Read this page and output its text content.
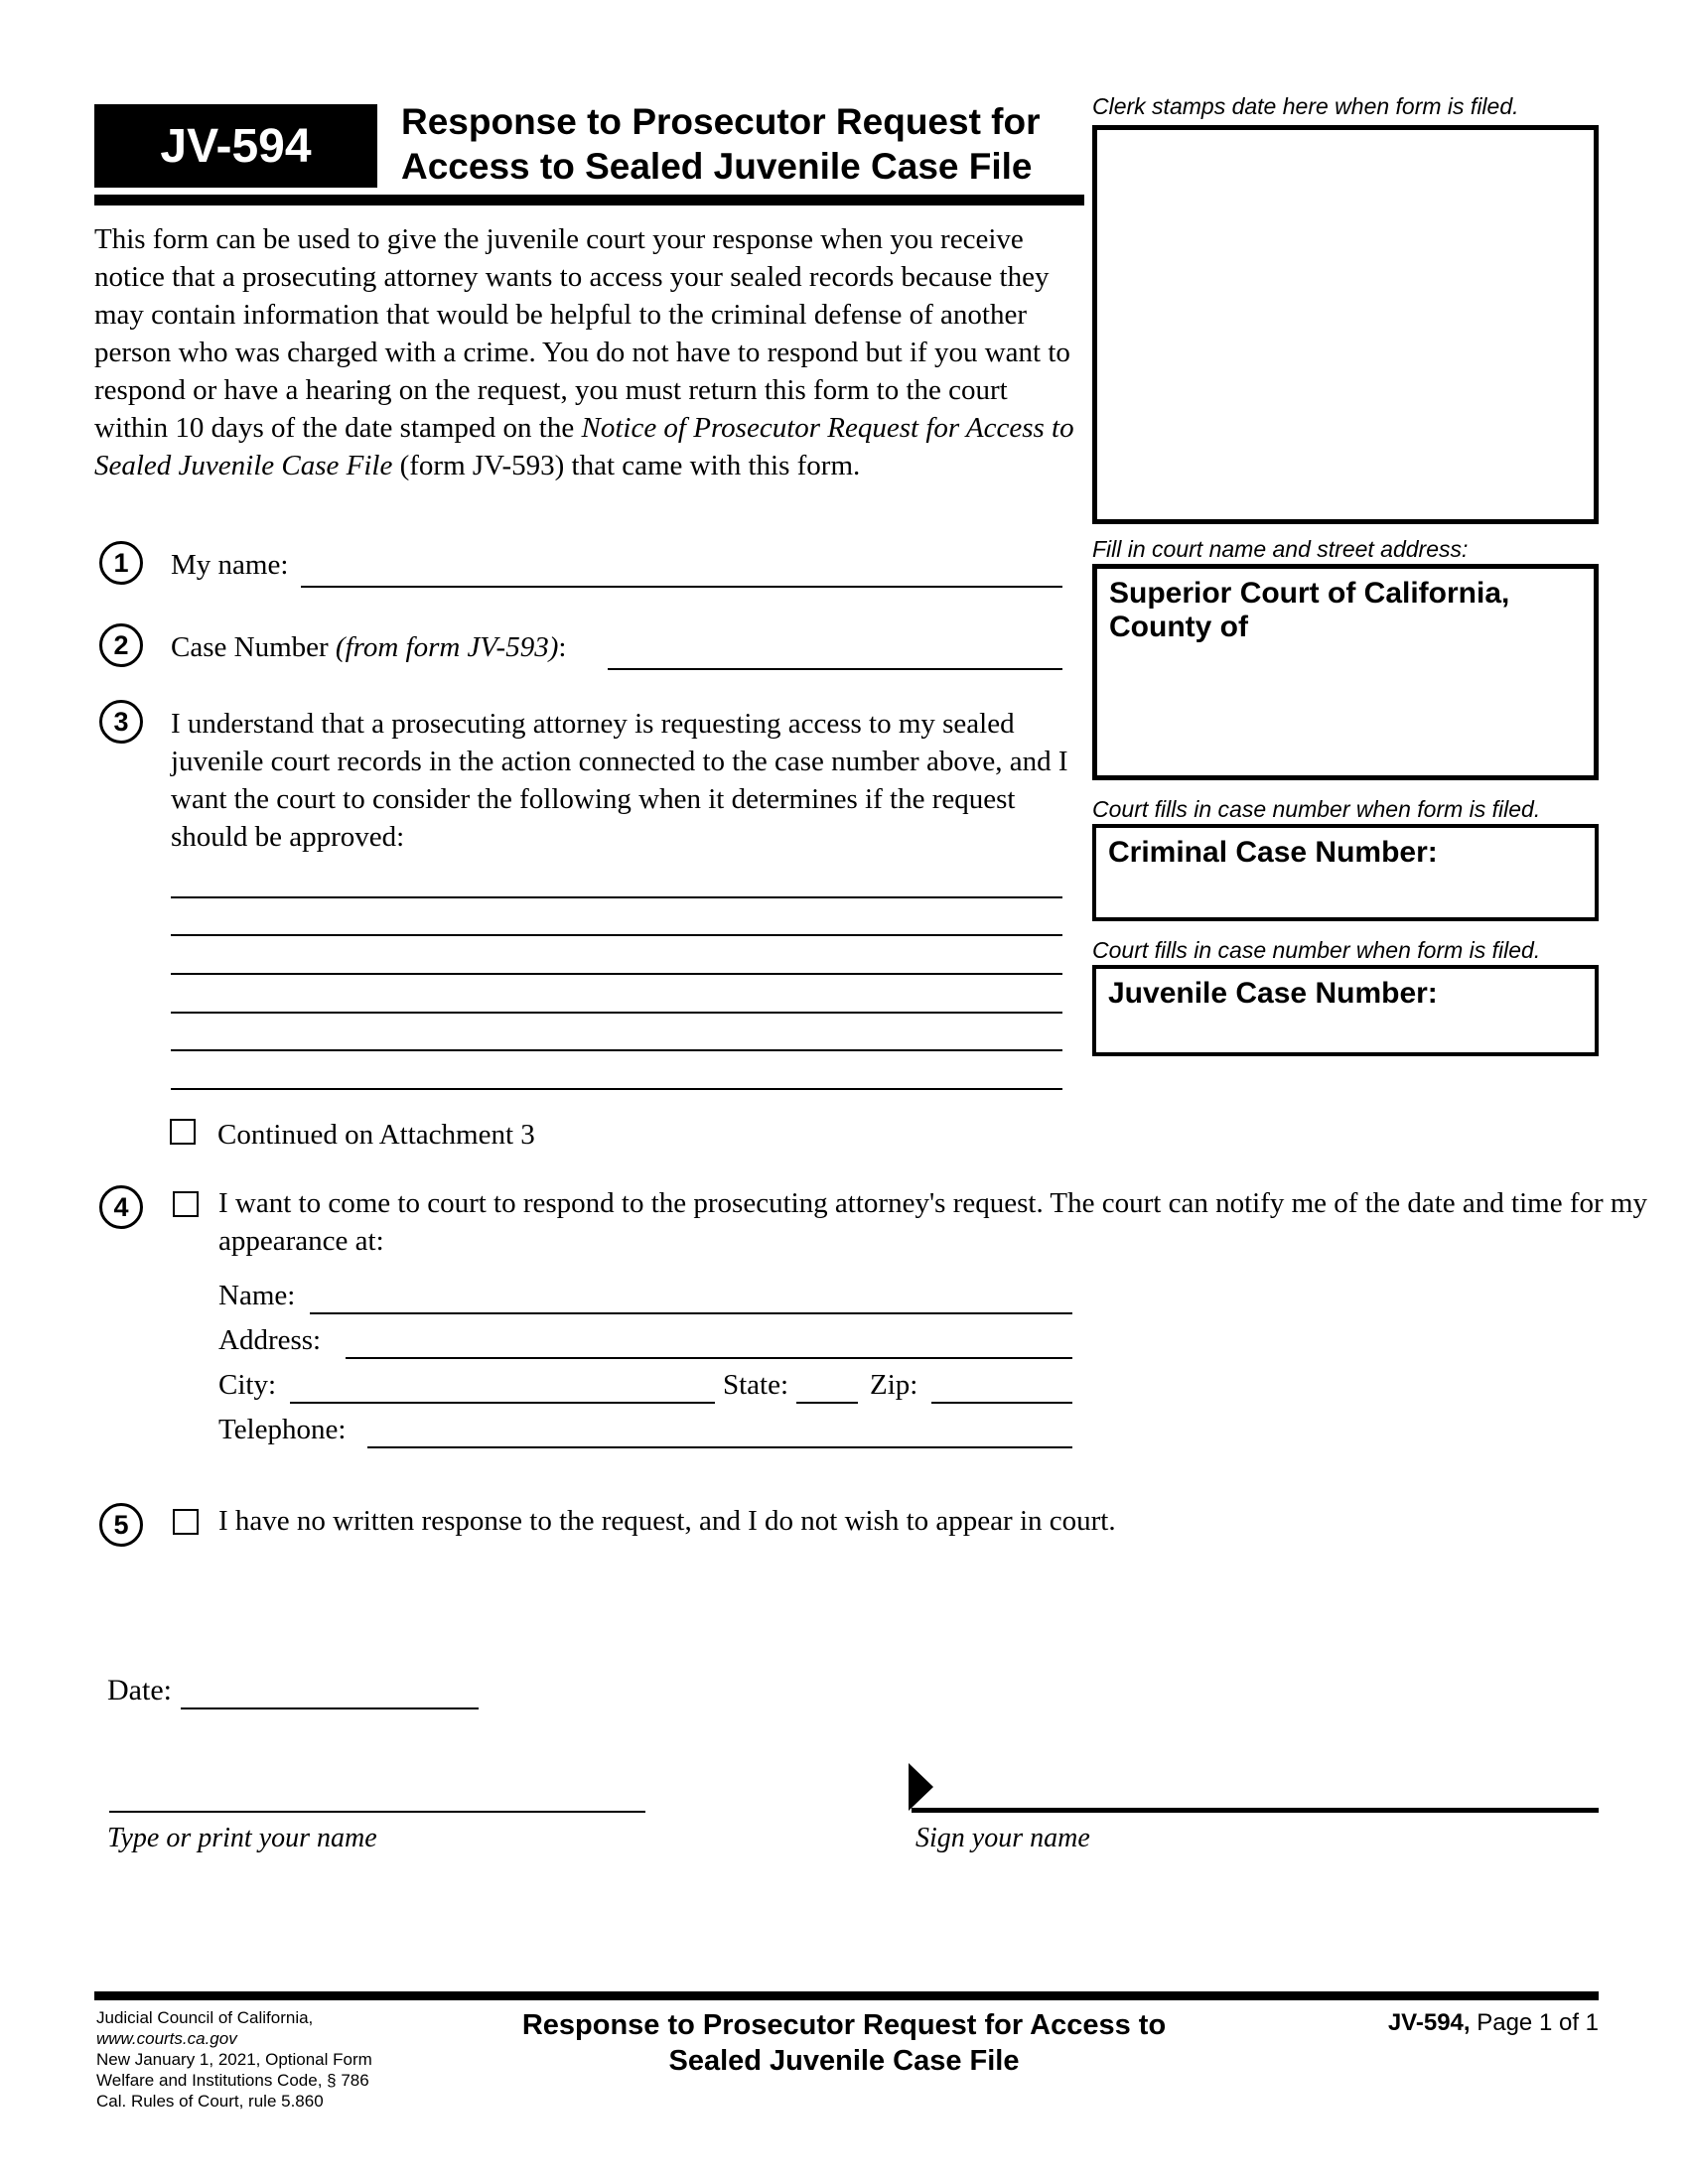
JV-594 Response to Prosecutor Request for
Access to Sealed Juvenile Case File
This form can be used to give the juvenile court your response when you receive notice that a prosecuting attorney wants to access your sealed records because they may contain information that would be helpful to the criminal defense of another person who was charged with a crime. You do not have to respond but if you want to respond or have a hearing on the request, you must return this form to the court within 10 days of the date stamped on the Notice of Prosecutor Request for Access to Sealed Juvenile Case File (form JV-593) that came with this form.
Clerk stamps date here when form is filed.
Fill in court name and street address:
Superior Court of California, County of
Court fills in case number when form is filed.
Criminal Case Number:
Court fills in case number when form is filed.
Juvenile Case Number:
1 My name:
2 Case Number (from form JV-593):
3 I understand that a prosecuting attorney is requesting access to my sealed juvenile court records in the action connected to the case number above, and I want the court to consider the following when it determines if the request should be approved:
Continued on Attachment 3
4	I want to come to court to respond to the prosecuting attorney's request. The court can notify me of the date and time for my appearance at:
Name:
Address:
City:	State:	Zip:
Telephone:
5	I have no written response to the request, and I do not wish to appear in court.
Date:
Type or print your name	Sign your name
Judicial Council of California, www.courts.ca.gov
New January 1, 2021, Optional Form
Welfare and Institutions Code, § 786
Cal. Rules of Court, rule 5.860
Response to Prosecutor Request for Access to
Sealed Juvenile Case File
JV-594, Page 1 of 1
